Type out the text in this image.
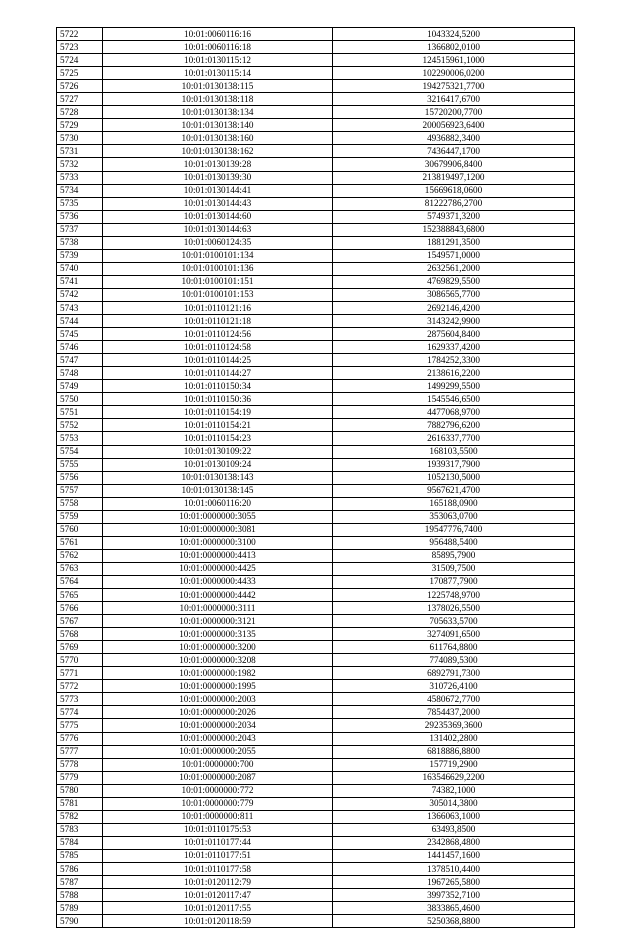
5722	10:01:0060116:16	1043324,5200
5723	10:01:0060116:18	1366802,0100
5724	10:01:0130115:12	124515961,1000
5725	10:01:0130115:14	102290006,0200
5726	10:01:0130138:115	194275321,7700
5727	10:01:0130138:118	3216417,6700
5728	10:01:0130138:134	15720200,7700
5729	10:01:0130138:140	200056923,6400
5730	10:01:0130138:160	4936882,3400
5731	10:01:0130138:162	7436447,1700
5732	10:01:0130139:28	30679906,8400
5733	10:01:0130139:30	213819497,1200
5734	10:01:0130144:41	15669618,0600
5735	10:01:0130144:43	81222786,2700
5736	10:01:0130144:60	5749371,3200
5737	10:01:0130144:63	152388843,6800
5738	10:01:0060124:35	1881291,3500
5739	10:01:0100101:134	1549571,0000
5740	10:01:0100101:136	2632561,2000
5741	10:01:0100101:151	4769829,5500
5742	10:01:0100101:153	3086565,7700
5743	10:01:0110121:16	2692146,4200
5744	10:01:0110121:18	3143242,9900
5745	10:01:0110124:56	2875604,8400
5746	10:01:0110124:58	1629337,4200
5747	10:01:0110144:25	1784252,3300
5748	10:01:0110144:27	2138616,2200
5749	10:01:0110150:34	1499299,5500
5750	10:01:0110150:36	1545546,6500
5751	10:01:0110154:19	4477068,9700
5752	10:01:0110154:21	7882796,6200
5753	10:01:0110154:23	2616337,7700
5754	10:01:0130109:22	168103,5500
5755	10:01:0130109:24	1939317,7900
5756	10:01:0130138:143	1052130,5000
5757	10:01:0130138:145	9567621,4700
5758	10:01:0060116:20	165188,0900
5759	10:01:0000000:3055	353063,0700
5760	10:01:0000000:3081	19547776,7400
5761	10:01:0000000:3100	956488,5400
5762	10:01:0000000:4413	85895,7900
5763	10:01:0000000:4425	31509,7500
5764	10:01:0000000:4433	170877,7900
5765	10:01:0000000:4442	1225748,9700
5766	10:01:0000000:3111	1378026,5500
5767	10:01:0000000:3121	705633,5700
5768	10:01:0000000:3135	3274091,6500
5769	10:01:0000000:3200	611764,8800
5770	10:01:0000000:3208	774089,5300
5771	10:01:0000000:1982	6892791,7300
5772	10:01:0000000:1995	310726,4100
5773	10:01:0000000:2003	4580672,7700
5774	10:01:0000000:2026	7854437,2000
5775	10:01:0000000:2034	29235369,3600
5776	10:01:0000000:2043	131402,2800
5777	10:01:0000000:2055	6818886,8800
5778	10:01:0000000:700	157719,2900
5779	10:01:0000000:2087	163546629,2200
5780	10:01:0000000:772	74382,1000
5781	10:01:0000000:779	305014,3800
5782	10:01:0000000:811	1366063,1000
5783	10:01:0110175:53	63493,8500
5784	10:01:0110177:44	2342868,4800
5785	10:01:0110177:51	1441457,1600
5786	10:01:0110177:58	1378510,4400
5787	10:01:0120112:79	1967265,5800
5788	10:01:0120117:47	3997352,7100
5789	10:01:0120117:55	3833865,4600
5790	10:01:0120118:59	5250368,8800
